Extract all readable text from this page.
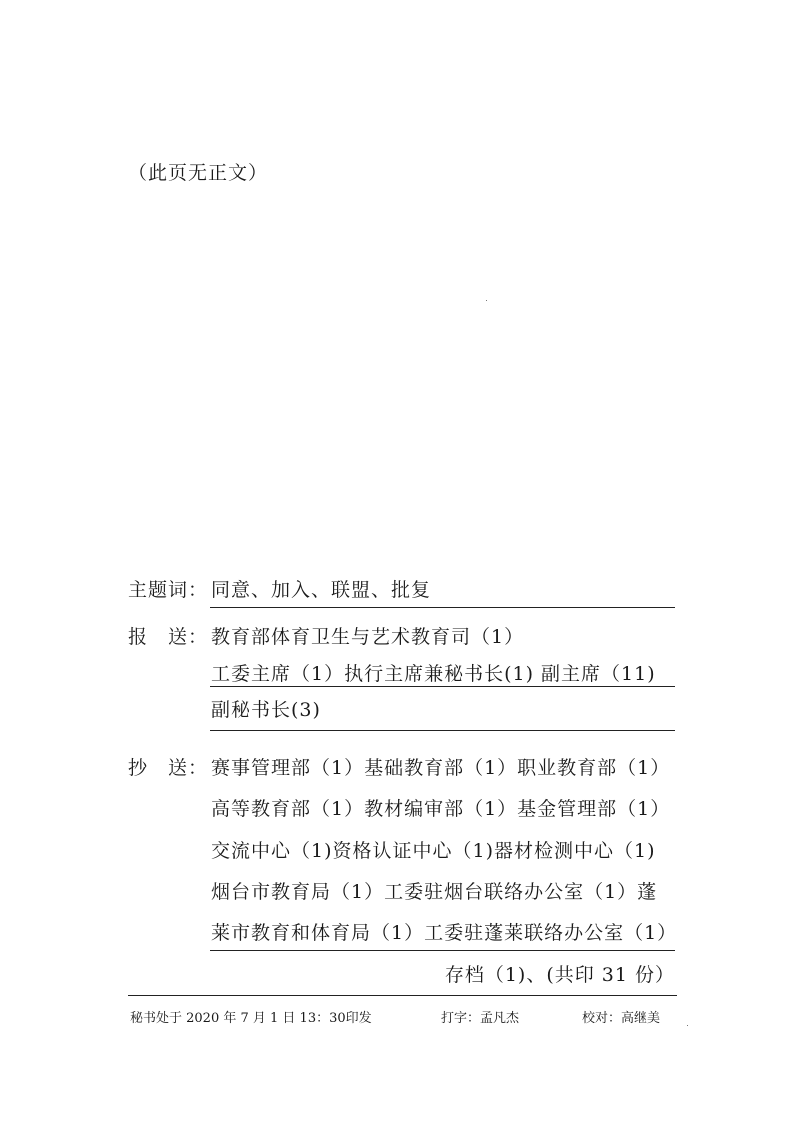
（此页无正文）
主题词： 同意、加入、联盟、批复
报　送： 教育部体育卫生与艺术教育司（1）
工委主席（1）执行主席兼秘书长(1) 副主席（11)
副秘书长(3)
抄　送： 赛事管理部（1）基础教育部（1）职业教育部（1）
高等教育部（1）教材编审部（1）基金管理部（1）
交流中心（1)资格认证中心（1)器材检测中心（1)
烟台市教育局（1）工委驻烟台联络办公室（1）蓬
莱市教育和体育局（1）工委驻蓬莱联络办公室（1）
存档（1)、(共印 31 份）
秘书处于 2020 年 7 月 1 日 13：30印发	打字：孟凡杰	校对：高继美
